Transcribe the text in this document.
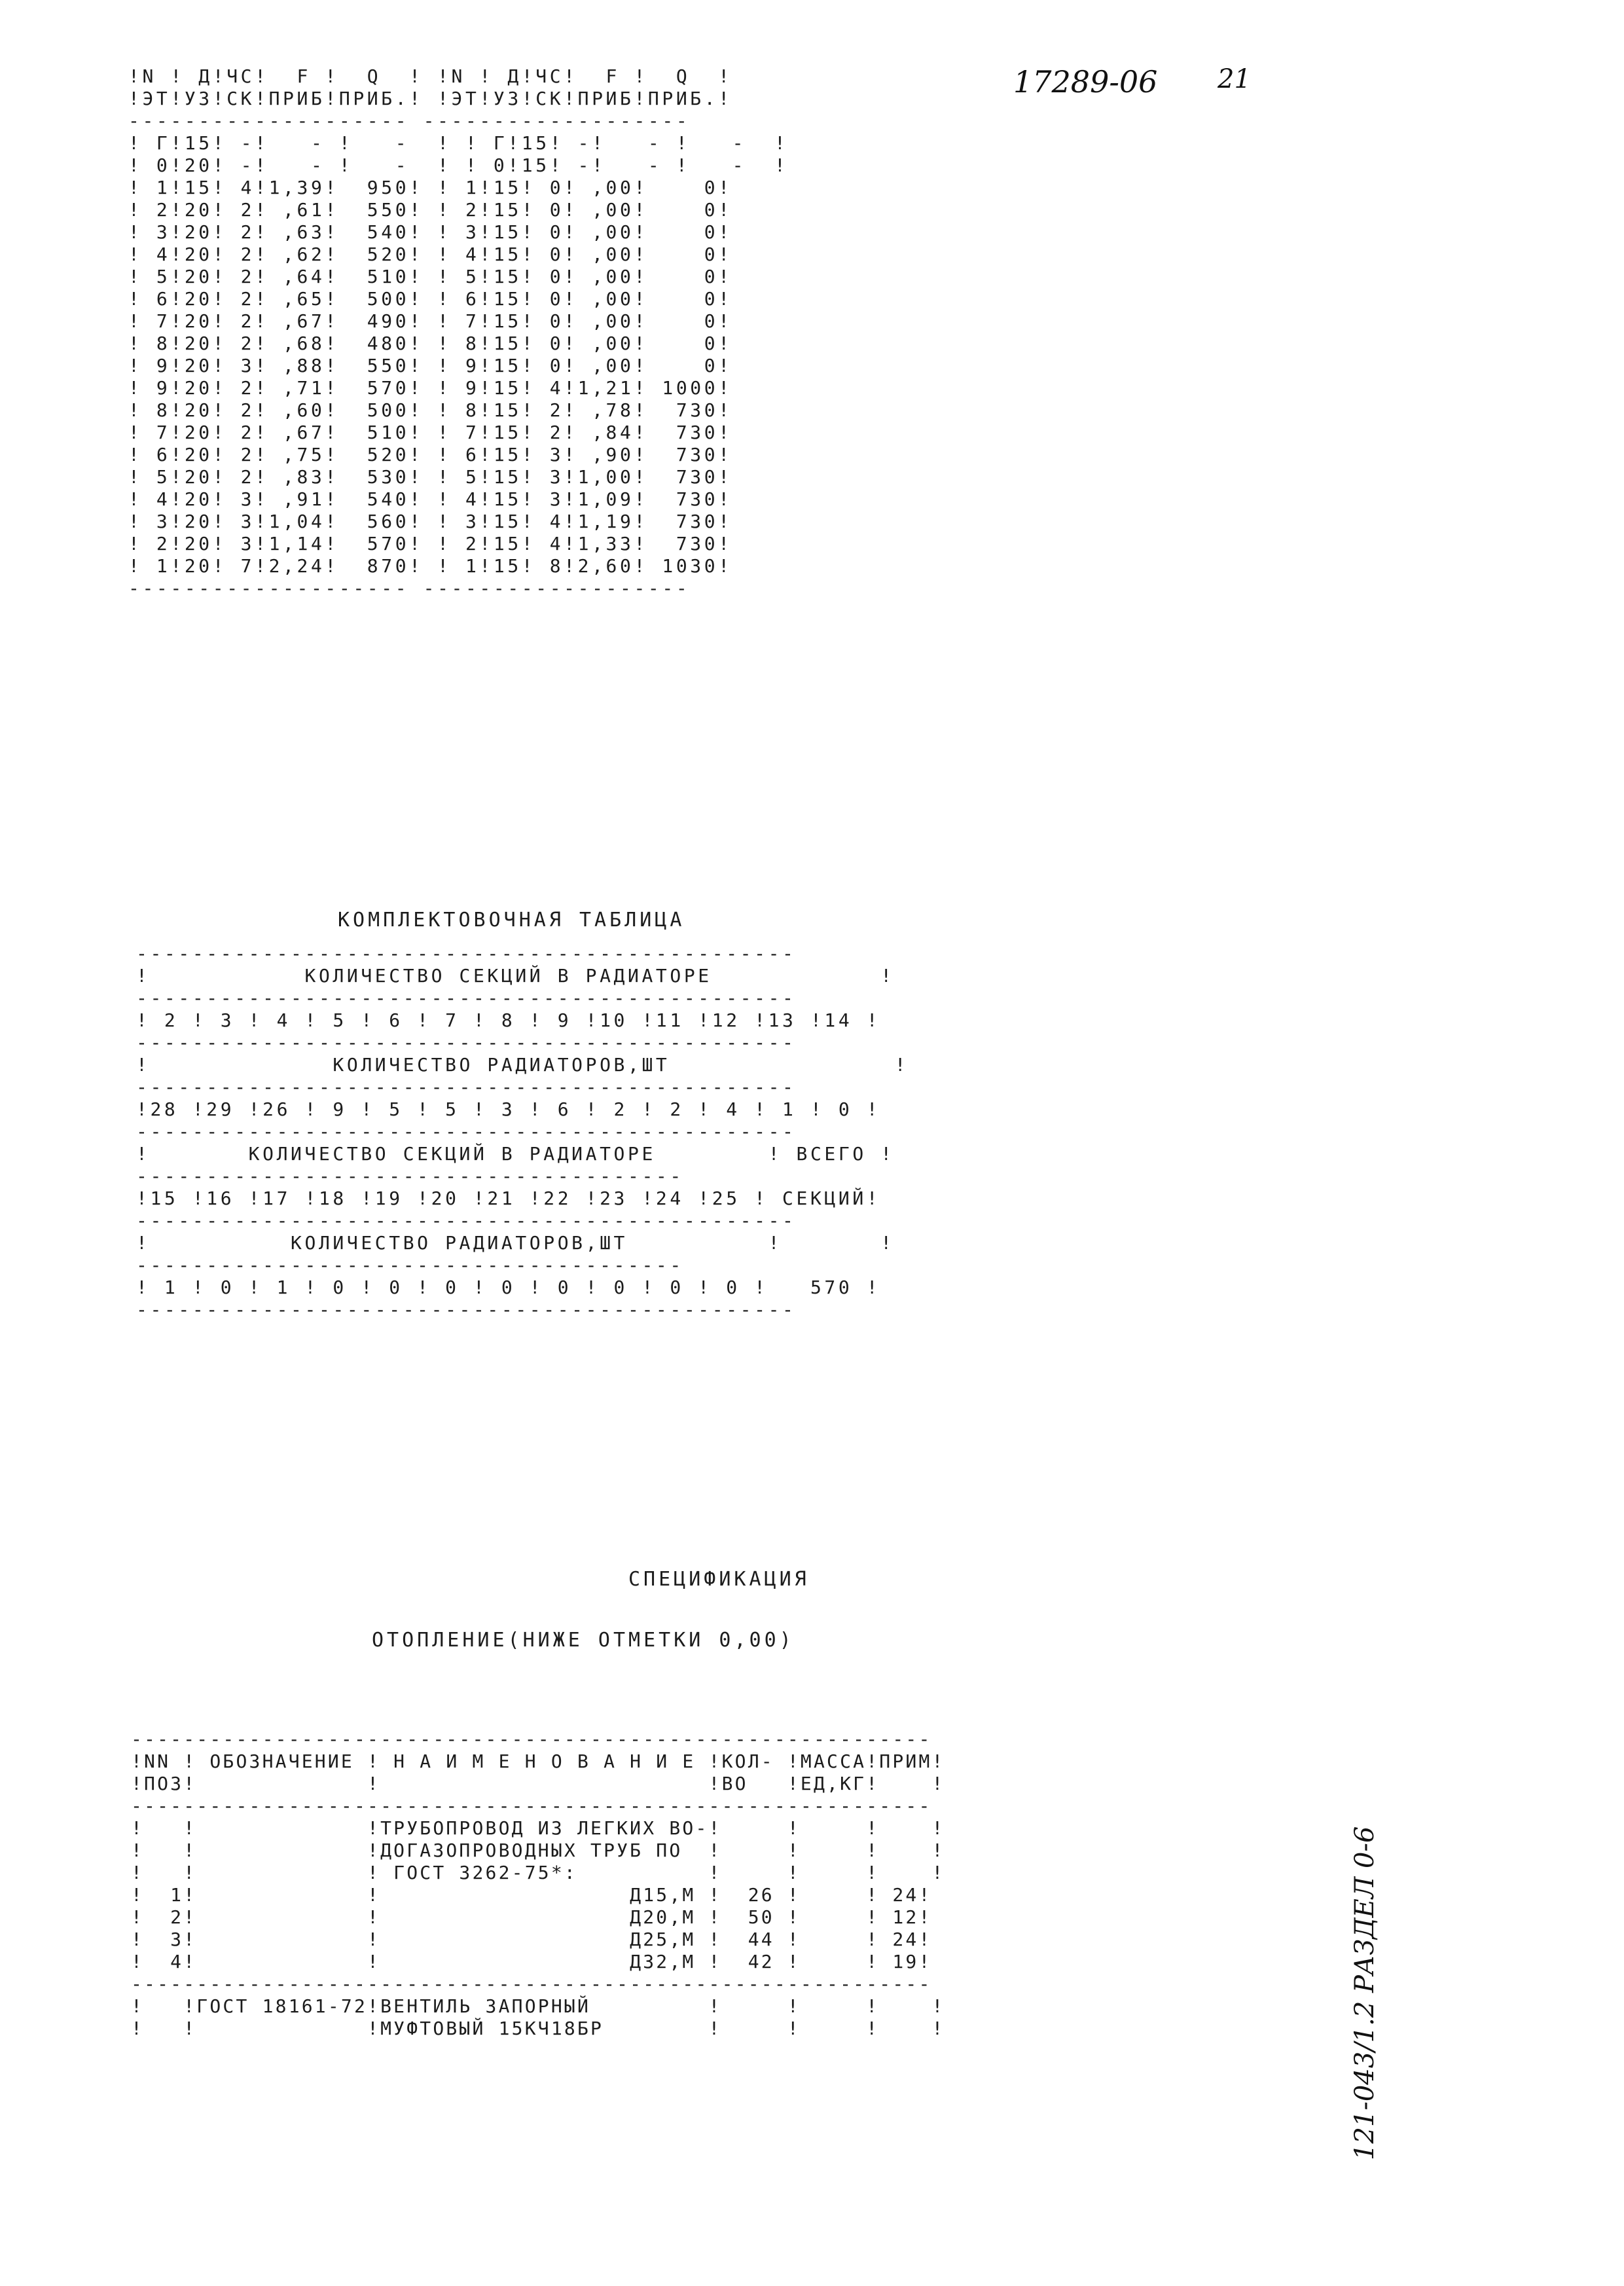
17289-06 21
!N ! Д!ЧС!  F !  Q  ! !N ! Д!ЧС!  F !  Q  !
!ЭТ!УЗ!СК!ПРИБ!ПРИБ.! !ЭТ!УЗ!СК!ПРИБ!ПРИБ.!
-------------------- -------------------
! Г!15! -!   - !   -  ! ! Г!15! -!   - !   -  !
! 0!20! -!   - !   -  ! ! 0!15! -!   - !   -  !
! 1!15! 4!1,39!  950! ! 1!15! 0! ,00!    0!
! 2!20! 2! ,61!  550! ! 2!15! 0! ,00!    0!
! 3!20! 2! ,63!  540! ! 3!15! 0! ,00!    0!
! 4!20! 2! ,62!  520! ! 4!15! 0! ,00!    0!
! 5!20! 2! ,64!  510! ! 5!15! 0! ,00!    0!
! 6!20! 2! ,65!  500! ! 6!15! 0! ,00!    0!
! 7!20! 2! ,67!  490! ! 7!15! 0! ,00!    0!
! 8!20! 2! ,68!  480! ! 8!15! 0! ,00!    0!
! 9!20! 3! ,88!  550! ! 9!15! 0! ,00!    0!
! 9!20! 2! ,71!  570! ! 9!15! 4!1,21! 1000!
! 8!20! 2! ,60!  500! ! 8!15! 2! ,78!  730!
! 7!20! 2! ,67!  510! ! 7!15! 2! ,84!  730!
! 6!20! 2! ,75!  520! ! 6!15! 3! ,90!  730!
! 5!20! 2! ,83!  530! ! 5!15! 3!1,00!  730!
! 4!20! 3! ,91!  540! ! 4!15! 3!1,09!  730!
! 3!20! 3!1,04!  560! ! 3!15! 4!1,19!  730!
! 2!20! 3!1,14!  570! ! 2!15! 4!1,33!  730!
! 1!20! 7!2,24!  870! ! 1!15! 8!2,60! 1030!
-------------------- -------------------
КОМПЛЕКТОВОЧНАЯ ТАБЛИЦА
-----------------------------------------------
!           КОЛИЧЕСТВО СЕКЦИЙ В РАДИАТОРЕ            !
-----------------------------------------------
! 2 ! 3 ! 4 ! 5 ! 6 ! 7 ! 8 ! 9 !10 !11 !12 !13 !14 !
-----------------------------------------------
!             КОЛИЧЕСТВО РАДИАТОРОВ,ШТ                !
-----------------------------------------------
!28 !29 !26 ! 9 ! 5 ! 5 ! 3 ! 6 ! 2 ! 2 ! 4 ! 1 ! 0 !
-----------------------------------------------
!       КОЛИЧЕСТВО СЕКЦИЙ В РАДИАТОРЕ        ! ВСЕГО !
---------------------------------------
!15 !16 !17 !18 !19 !20 !21 !22 !23 !24 !25 ! СЕКЦИЙ!
-----------------------------------------------
!          КОЛИЧЕСТВО РАДИАТОРОВ,ШТ          !       !
---------------------------------------
! 1 ! 0 ! 1 ! 0 ! 0 ! 0 ! 0 ! 0 ! 0 ! 0 ! 0 !   570 !
-----------------------------------------------
СПЕЦИФИКАЦИЯ
ОТОПЛЕНИЕ(НИЖЕ ОТМЕТКИ 0,00)
-------------------------------------------------------------
!NN ! ОБОЗНАЧЕНИЕ ! Н А И М Е Н О В А Н И Е !КОЛ- !МАССА!ПРИМ!
!ПОЗ!             !                         !ВО   !ЕД,КГ!    !
-------------------------------------------------------------
!   !             !ТРУБОПРОВОД ИЗ ЛЕГКИХ ВО-!     !     !    !
!   !             !ДОГАЗОПРОВОДНЫХ ТРУБ ПО  !     !     !    !
!   !             ! ГОСТ 3262-75*:          !     !     !    !
!  1!             !                   Д15,М !  26 !     ! 24!
!  2!             !                   Д20,М !  50 !     ! 12!
!  3!             !                   Д25,М !  44 !     ! 24!
!  4!             !                   Д32,М !  42 !     ! 19!
-------------------------------------------------------------
!   !ГОСТ 18161-72!ВЕНТИЛЬ ЗАПОРНЫЙ         !     !     !    !
!   !             !МУФТОВЫЙ 15КЧ18БР        !     !     !    !	121-043/1.2 РАЗДЕЛ 0-6
